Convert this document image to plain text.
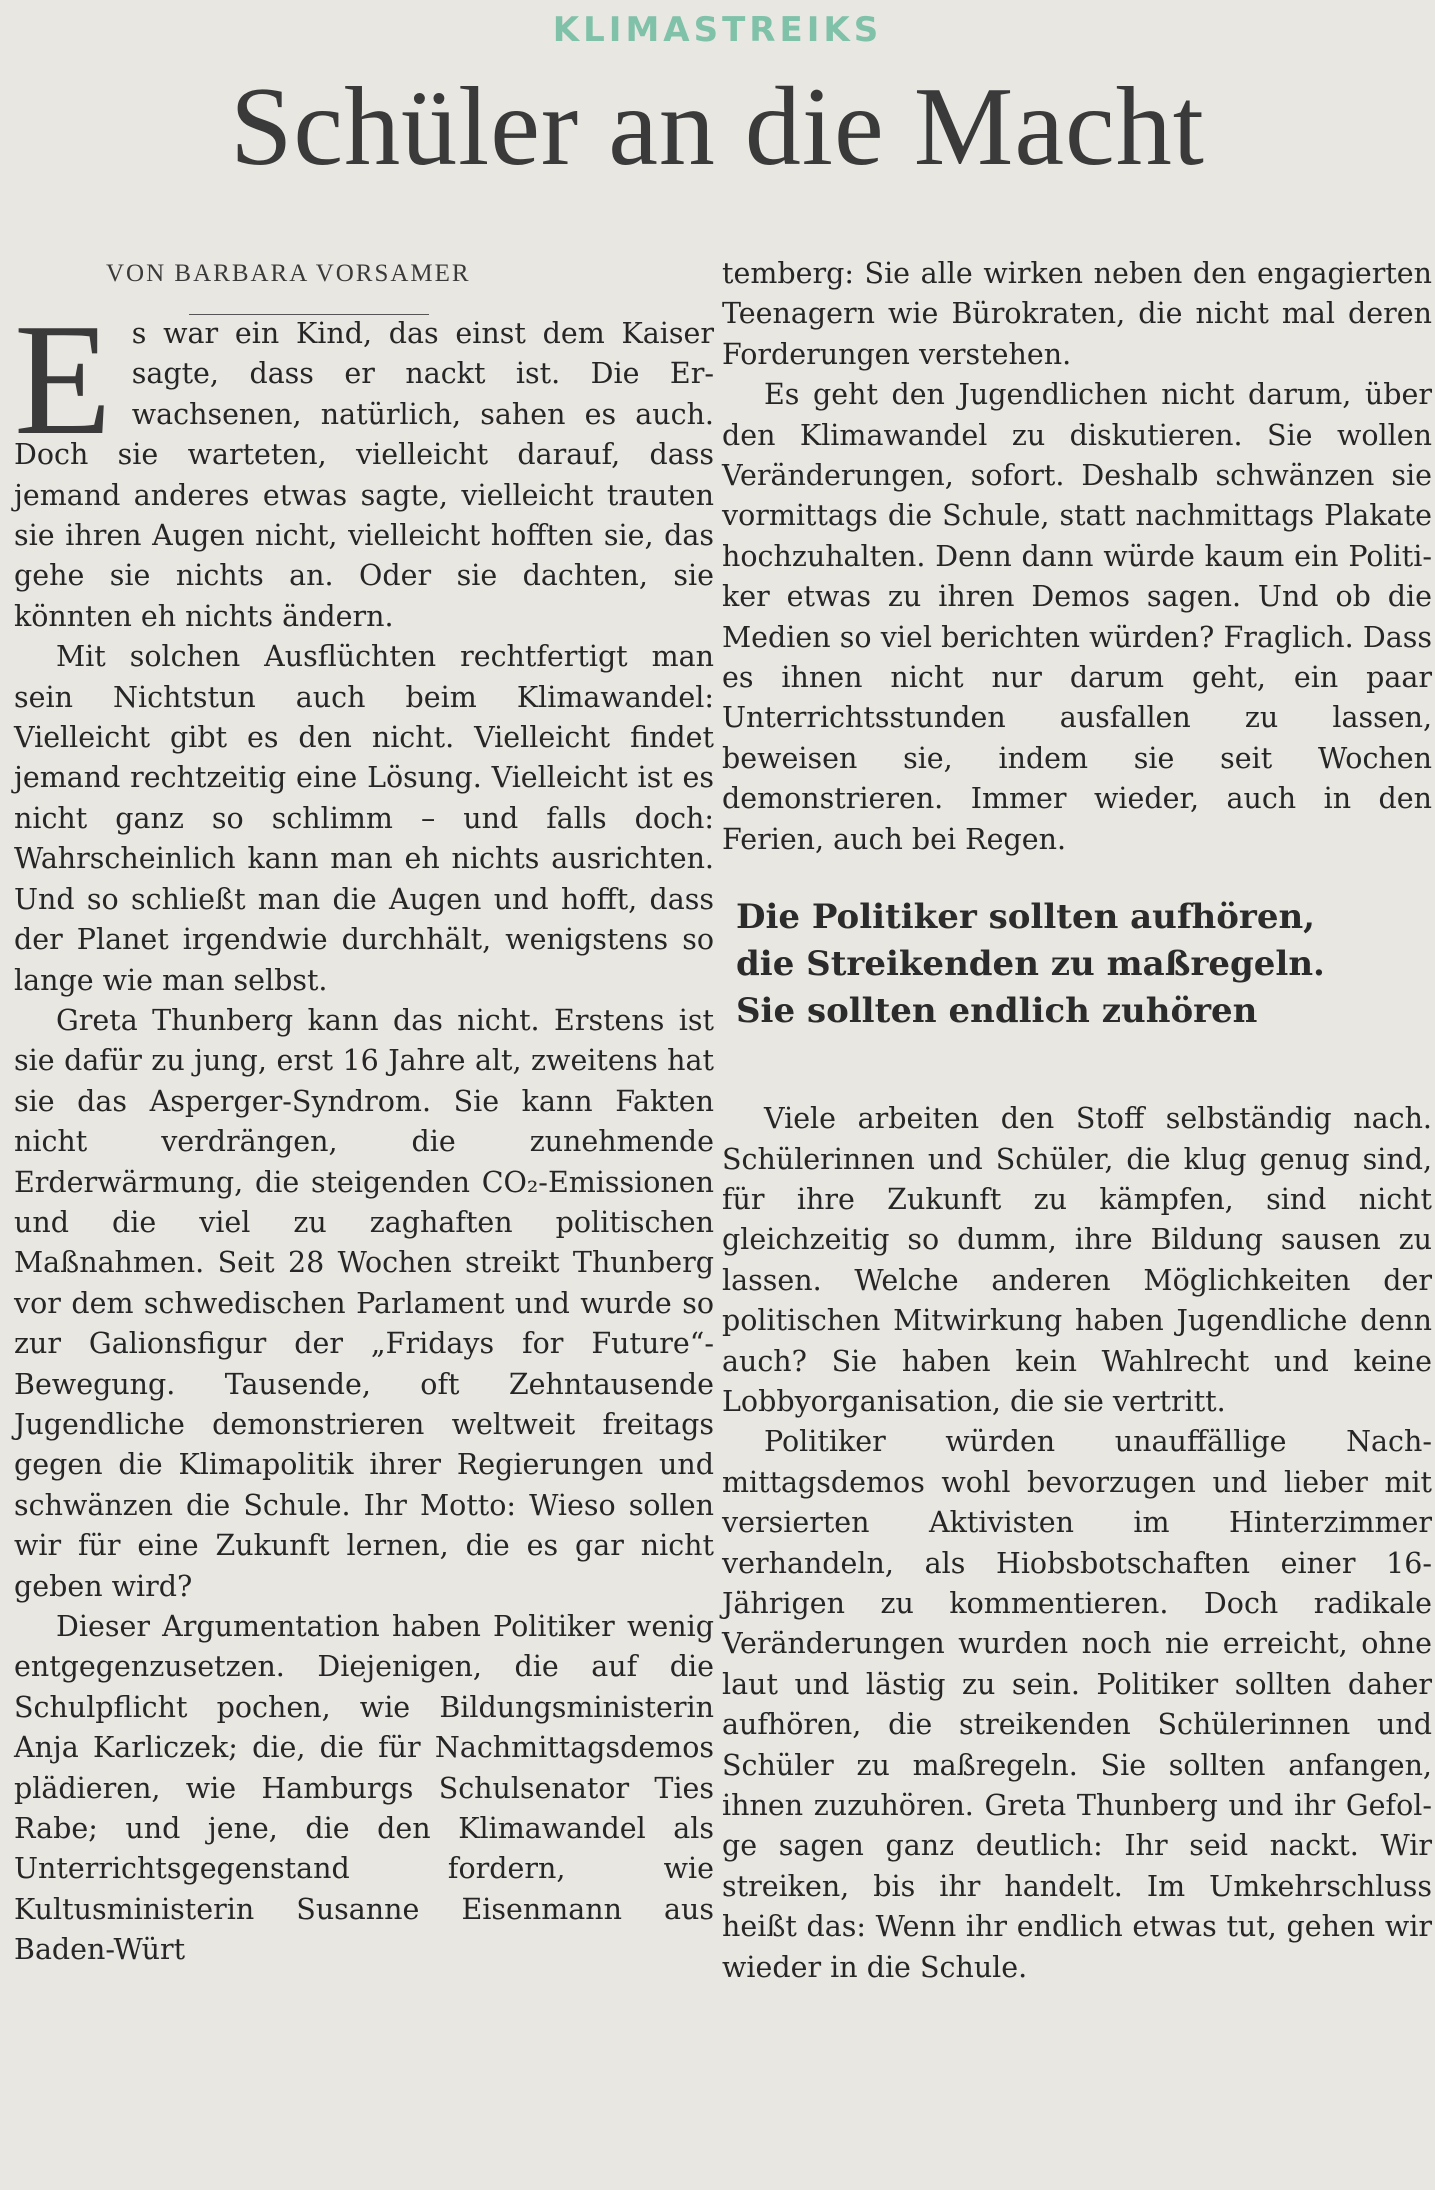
KLIMASTREIKS
Schüler an die Macht
VON BARBARA VORSAMER

Es war ein Kind, das einst dem Kaiser sagte, dass er nackt ist. Die Erwachsenen, natürlich, sahen es auch. Doch sie warteten, vielleicht darauf, dass jemand anderes etwas sagte, vielleicht trauten sie ihren Augen nicht, vielleicht hofften sie, das gehe sie nichts an. Oder sie dachten, sie könnten eh nichts ändern.

Mit solchen Ausflüchten rechtfertigt man sein Nichtstun auch beim Klimawandel: Vielleicht gibt es den nicht. Vielleicht findet jemand rechtzeitig eine Lösung. Vielleicht ist es nicht ganz so schlimm – und falls doch: Wahrscheinlich kann man eh nichts ausrichten. Und so schließt man die Augen und hofft, dass der Planet irgendwie durchhält, wenigstens so lange wie man selbst.

Greta Thunberg kann das nicht. Erstens ist sie dafür zu jung, erst 16 Jahre alt, zweitens hat sie das Asperger-Syndrom. Sie kann Fakten nicht verdrängen, die zunehmende Erderwärmung, die steigenden CO₂-Emissionen und die viel zu zaghaften politischen Maßnahmen. Seit 28 Wochen streikt Thunberg vor dem schwedischen Parlament und wurde so zur Galionsfigur der „Fridays for Future“-Bewegung. Tausende, oft Zehntausende Jugendliche demonstrieren weltweit freitags gegen die Klimapolitik ihrer Regierungen und schwänzen die Schule. Ihr Motto: Wieso sollen wir für eine Zukunft lernen, die es gar nicht geben wird?

Dieser Argumentation haben Politiker wenig entgegenzusetzen. Diejenigen, die auf die Schulpflicht pochen, wie Bildungsministerin Anja Karliczek; die, die für Nachmittagsdemos plädieren, wie Hamburgs Schulsenator Ties Rabe; und jene, die den Klimawandel als Unterrichtsgegenstand fordern, wie Kultusministerin Susanne Eisenmann aus Baden-Würt

temberg: Sie alle wirken neben den engagierten Teenagern wie Bürokraten, die nicht mal deren Forderungen verstehen.

Es geht den Jugendlichen nicht darum, über den Klimawandel zu diskutieren. Sie wollen Veränderungen, sofort. Deshalb schwänzen sie vormittags die Schule, statt nachmittags Plakate hochzuhalten. Denn dann würde kaum ein Politiker etwas zu ihren Demos sagen. Und ob die Medien so viel berichten würden? Fraglich. Dass es ihnen nicht nur darum geht, ein paar Unterrichtsstunden ausfallen zu lassen, beweisen sie, indem sie seit Wochen demonstrieren. Immer wieder, auch in den Ferien, auch bei Regen.

Die Politiker sollten aufhören,
die Streikenden zu maßregeln.
Sie sollten endlich zuhören

Viele arbeiten den Stoff selbständig nach. Schülerinnen und Schüler, die klug genug sind, für ihre Zukunft zu kämpfen, sind nicht gleichzeitig so dumm, ihre Bildung sausen zu lassen. Welche anderen Möglichkeiten der politischen Mitwirkung haben Jugendliche denn auch? Sie haben kein Wahlrecht und keine Lobbyorganisation, die sie vertritt.

Politiker würden unauffällige Nachmittagsdemos wohl bevorzugen und lieber mit versierten Aktivisten im Hinterzimmer verhandeln, als Hiobsbotschaften einer 16-Jährigen zu kommentieren. Doch radikale Veränderungen wurden noch nie erreicht, ohne laut und lästig zu sein. Politiker sollten daher aufhören, die streikenden Schülerinnen und Schüler zu maßregeln. Sie sollten anfangen, ihnen zuzuhören. Greta Thunberg und ihr Gefolge sagen ganz deutlich: Ihr seid nackt. Wir streiken, bis ihr handelt. Im Umkehrschluss heißt das: Wenn ihr endlich etwas tut, gehen wir wieder in die Schule.
